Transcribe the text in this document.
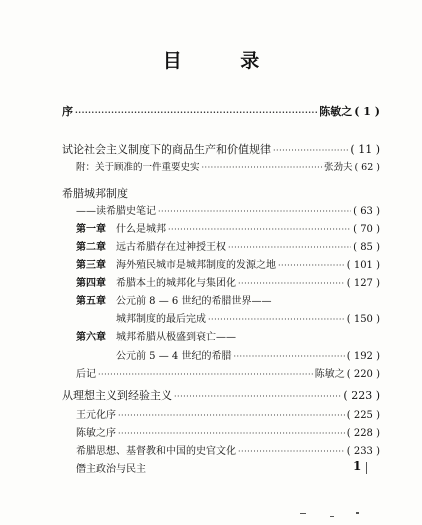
目 录
序 ·····	陈敏之 ( 1 )
试论社会主义制度下的商品生产和价值规律 ·····	( 11 )
附：关于顾准的一件重要史实 ·····	张劲夫 ( 62 )
希腊城邦制度
——读希腊史笔记 ·····	( 63 )
第一章 什么是城邦 ·····	( 70 )
第二章 远古希腊存在过神授王权 ·····	( 85 )
第三章 海外殖民城市是城邦制度的发源之地 ·····	( 101 )
第四章 希腊本土的城邦化与集团化 ·····	( 127 )
第五章 公元前 8 — 6 世纪的希腊世界——
城邦制度的最后完成 ·····	( 150 )
第六章 城邦希腊从极盛到衰亡——
公元前 5 — 4 世纪的希腊 ·····	( 192 )
后记 ·····	陈敏之 ( 220 )
从理想主义到经验主义 ·····	( 223 )
王元化序 ·····	( 225 )
陈敏之序 ·····	( 228 )
希腊思想、基督教和中国的史官文化 ·····	( 233 )
僭主政治与民主	1
